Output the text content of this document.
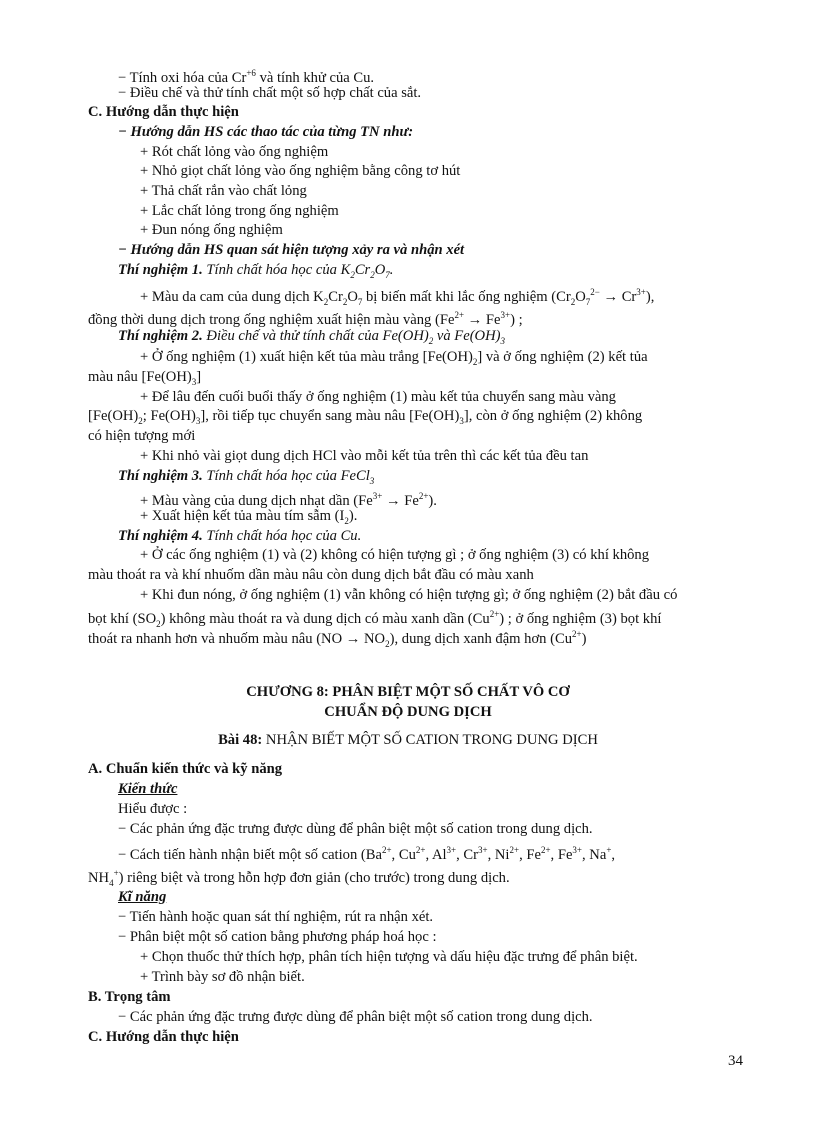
− Tính oxi hóa của $Cr^{+6}$ và tính khử của Cu.
− Điều chế và thử tính chất một số hợp chất của sắt.
C. Hướng dẫn thực hiện
− Hướng dẫn HS các thao tác của từng TN như:
+ Rót chất lỏng vào ống nghiệm
+ Nhỏ giọt chất lỏng vào ống nghiệm bằng công tơ hút
+ Thả chất rắn vào chất lỏng
+ Lắc chất lỏng trong ống nghiệm
+ Đun nóng ống nghiệm
− Hướng dẫn HS quan sát hiện tượng xảy ra và nhận xét
Thí nghiệm 1. Tính chất hóa học của $K_2Cr_2O_7$.
+ Màu da cam của dung dịch $K_2Cr_2O_7$ bị biến mất khi lắc ống nghiệm $(Cr_2O_7^{2-} \to Cr^{3+})$,
đồng thời dung dịch trong ống nghiệm xuất hiện màu vàng $(Fe^{2+} \to Fe^{3+})$ ;
Thí nghiệm 2. Điều chế và thử tính chất của $Fe(OH)_2$ và $Fe(OH)_3$
+ Ở ống nghiệm (1) xuất hiện kết tủa màu trắng $[Fe(OH)_2]$ và ở ống nghiệm (2) kết tủa
màu nâu $[Fe(OH)_3]$
+ Để lâu đến cuối buổi thấy ở ống nghiệm (1) màu kết tủa chuyển sang màu vàng
[$Fe(OH)_2$; $Fe(OH)_3$], rồi tiếp tục chuyển sang màu nâu $[Fe(OH)_3]$, còn ở ống nghiệm (2) không
có hiện tượng mới
+ Khi nhỏ vài giọt dung dịch HCl vào mỗi kết tủa trên thì các kết tủa đều tan
Thí nghiệm 3. Tính chất hóa học của FeCl$_3$
+ Màu vàng của dung dịch nhạt dần $(Fe^{3+} \to Fe^{2+})$.
+ Xuất hiện kết tủa màu tím sẫm $(I_2)$.
Thí nghiệm 4. Tính chất hóa học của Cu.
+ Ở các ống nghiệm (1) và (2) không có hiện tượng gì ; ở ống nghiệm (3) có khí không
màu thoát ra và khí nhuốm dần màu nâu còn dung dịch bắt đầu có màu xanh
+ Khi đun nóng, ở ống nghiệm (1) vẫn không có hiện tượng gì; ở ống nghiệm (2) bắt đầu có
bọt khí $(SO_2)$ không màu thoát ra và dung dịch có màu xanh dần $(Cu^{2+})$ ; ở ống nghiệm (3) bọt khí
thoát ra nhanh hơn và nhuốm màu nâu $(NO \to NO_2)$, dung dịch xanh đậm hơn $(Cu^{2+})$
CHƯƠNG 8: PHÂN BIỆT MỘT SỐ CHẤT VÔ CƠ
CHUẨN ĐỘ DUNG DỊCH
Bài 48: NHẬN BIẾT MỘT SỐ CATION TRONG DUNG DỊCH
A. Chuẩn kiến thức và kỹ năng
Kiến thức
Hiểu được :
− Các phản ứng đặc trưng được dùng để phân biệt một số cation trong dung dịch.
− Cách tiến hành nhận biết một số cation ($Ba^{2+}$, $Cu^{2+}$, $Al^{3+}$, $Cr^{3+}$, $Ni^{2+}$, $Fe^{2+}$, $Fe^{3+}$, Na+,
$NH_4^+$) riêng biệt và trong hỗn hợp đơn giản (cho trước) trong dung dịch.
Kĩ năng
− Tiến hành hoặc quan sát thí nghiệm, rút ra nhận xét.
− Phân biệt một số cation bằng phương pháp hoá học :
+ Chọn thuốc thử thích hợp, phân tích hiện tượng và dấu hiệu đặc trưng để phân biệt.
+ Trình bày sơ đồ nhận biết.
B. Trọng tâm
− Các phản ứng đặc trưng được dùng để phân biệt một số cation trong dung dịch.
C. Hướng dẫn thực hiện
34
